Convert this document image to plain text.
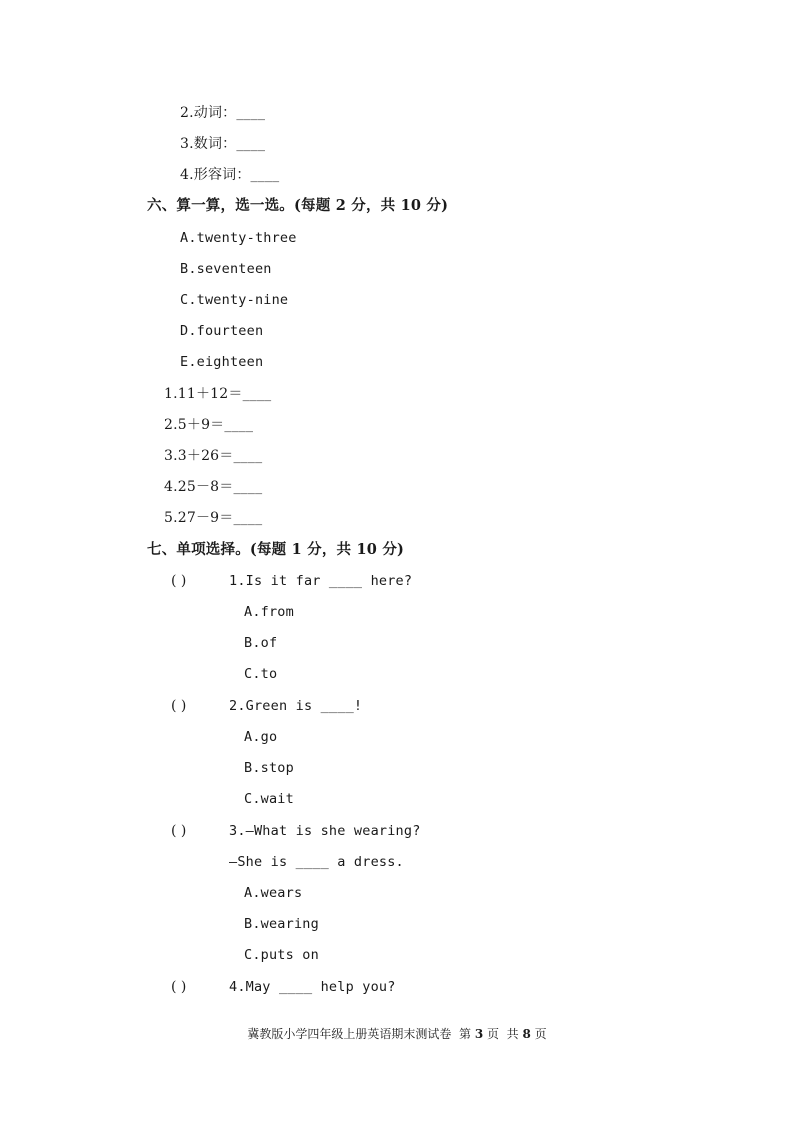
2.动词：____
3.数词：____
4.形容词：____
六、算一算，选一选。(每题 2 分，共 10 分)
A.twenty-three
B.seventeen
C.twenty-nine
D.fourteen
E.eighteen
1.11＋12＝____
2.5＋9＝____
3.3＋26＝____
4.25－8＝____
5.27－9＝____
七、单项选择。(每题 1 分，共 10 分)
( )	1.Is it far ____ here?
A.from
B.of
C.to
( )	2.Green is ____!
A.go
B.stop
C.wait
( )	3.—What is she wearing?
—She is ____ a dress.
A.wears
B.wearing
C.puts on
( )	4.May ____ help you?
冀教版小学四年级上册英语期末测试卷 第 3 页  共 8 页
